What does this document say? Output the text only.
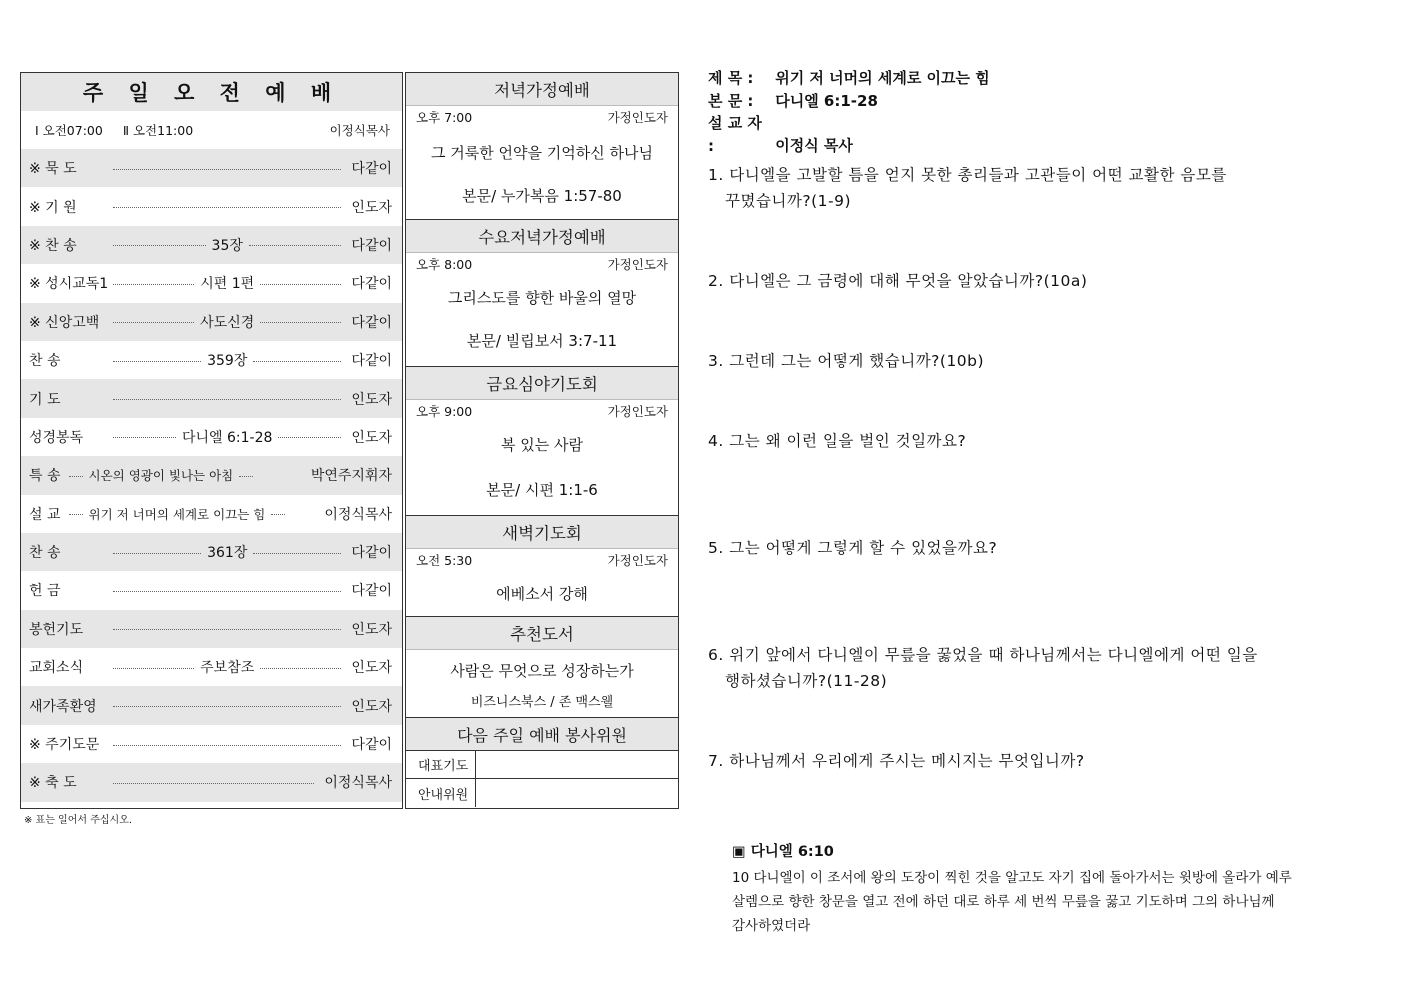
주 일 오 전 예 배
Ⅰ 오전07:00 Ⅱ 오전11:00	이정식목사
※ 묵 도	다같이
※ 기 원	인도자
※ 찬 송	35장	다같이
※ 성시교독1	시편 1편	다같이
※ 신앙고백	사도신경	다같이
찬 송	359장	다같이
기 도	인도자
성경봉독	다니엘 6:1-28	인도자
특 송	시온의 영광이 빛나는 아침	박연주지휘자
설 교	위기 저 너머의 세계로 이끄는 힘	이정식목사
찬 송	361장	다같이
헌 금	다같이
봉헌기도	인도자
교회소식	주보참조	인도자
새가족환영	인도자
※ 주기도문	다같이
※ 축 도	이정식목사
※ 표는 일어서 주십시오.
저녁가정예배
오후 7:00	가정인도자
그 거룩한 언약을 기억하신 하나님
본문/ 누가복음 1:57-80
수요저녁가정예배
오후 8:00	가정인도자
그리스도를 향한 바울의 열망
본문/ 빌립보서 3:7-11
금요심야기도회
오후 9:00	가정인도자
복 있는 사람
본문/ 시편 1:1-6
새벽기도회
오전 5:30	가정인도자
에베소서 강해
추천도서
사람은 무엇으로 성장하는가
비즈니스북스 / 존 맥스웰
다음 주일 예배 봉사위원
대표기도
안내위원
제 목 : 위기 저 너머의 세계로 이끄는 힘
본 문 : 다니엘 6:1-28
설 교 자 :	이정식 목사
1. 다니엘을 고발할 틈을 얻지 못한 총리들과 고관들이 어떤 교활한 음모를
꾸몄습니까?(1-9)
2. 다니엘은 그 금령에 대해 무엇을 알았습니까?(10a)
3. 그런데 그는 어떻게 했습니까?(10b)
4. 그는 왜 이런 일을 벌인 것일까요?
5. 그는 어떻게 그렇게 할 수 있었을까요?
6. 위기 앞에서 다니엘이 무릎을 꿇었을 때 하나님께서는 다니엘에게 어떤 일을
행하셨습니까?(11-28)
7. 하나님께서 우리에게 주시는 메시지는 무엇입니까?
▣ 다니엘 6:10
10 다니엘이 이 조서에 왕의 도장이 찍힌 것을 알고도 자기 집에 돌아가서는 윗방에 올라가 예루
살렘으로 향한 창문을 열고 전에 하던 대로 하루 세 번씩 무릎을 꿇고 기도하며 그의 하나님께
감사하였더라
